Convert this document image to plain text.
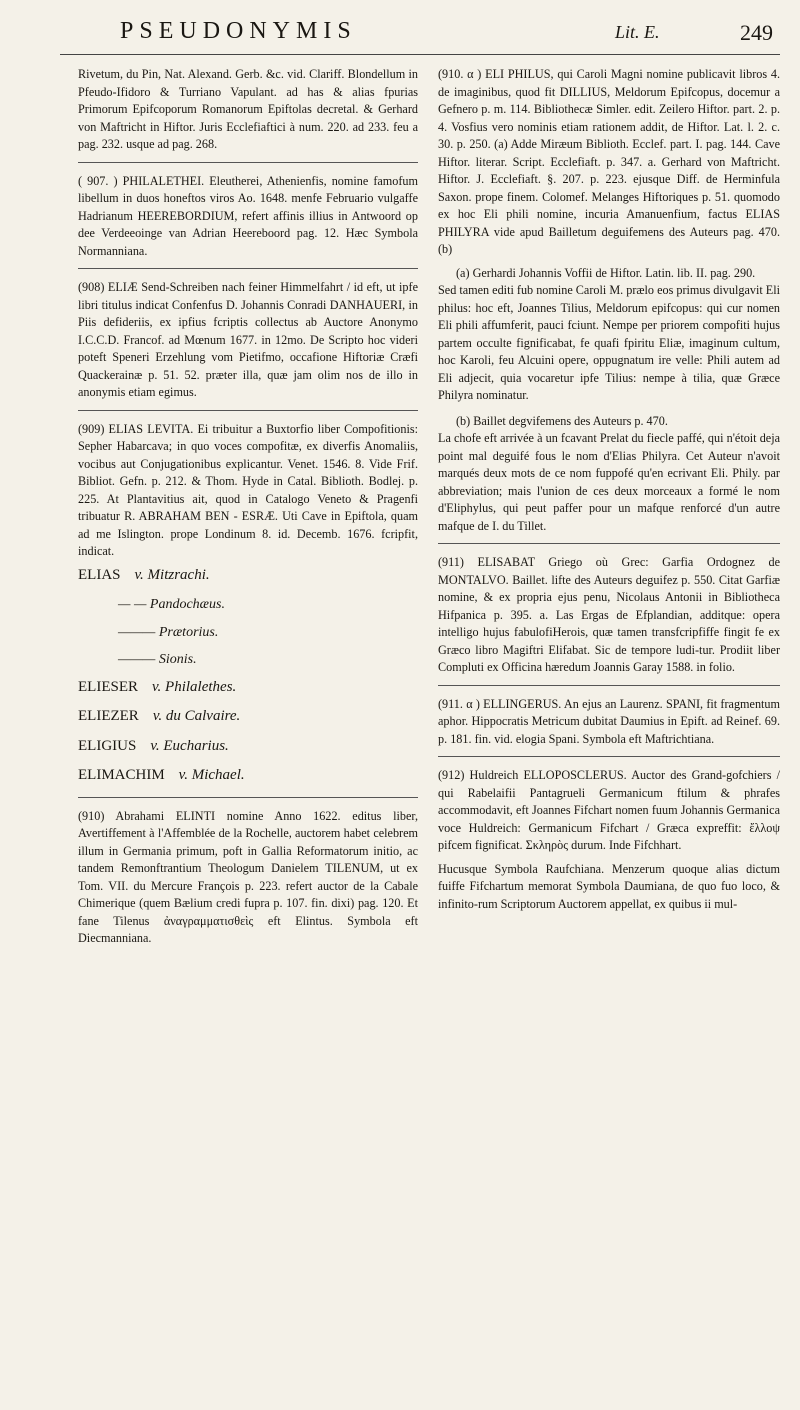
PSEUDONYMIS	Lit. E.	249

Rivetum, du Pin, Nat. Alexand. Gerb. &c. vid. Clariff. Blondellum in Pfeudo-Ifidoro & Turriano Vapulant. ad has & alias fpurias Primorum Epifcoporum Romanorum Epiftolas decretal. & Gerhard von Maftricht in Hiftor. Juris Ecclefiaftici à num. 220. ad 233. feu a pag. 232. usque ad pag. 268.

( 907. ) PHILALETHEI. Eleutherei, Athenienfis, nomine famofum libellum in duos honeftos viros Ao. 1648. menfe Februario vulgaffe Hadrianum HEEREBORDIUM, refert affinis illius in Antwoord op dee Verdeeoinge van Adrian Heereboord pag. 12. Hæc Symbola Normanniana.

(908) ELIÆ Send-Schreiben nach feiner Himmelfahrt / id eft, ut ipfe libri titulus indicat Confenfus D. Johannis Conradi DANHAUERI, in Piis defideriis, ex ipfius fcriptis collectus ab Auctore Anonymo I.C.C.D. Francof. ad Mœnum 1677. in 12mo. De Scripto hoc videri poteft Speneri Erzehlung vom Pietifmo, occafione Hiftoriæ Cræfi Quackerainæ p. 51. 52. præter illa, quæ jam olim nos de illo in anonymis etiam egimus.

(909) ELIAS LEVITA. Ei tribuitur a Buxtorfio liber Compofitionis: Sepher Habarcava; in quo voces compofitæ, ex diverfis Anomaliis, vocibus aut Conjugationibus explicantur. Venet. 1546. 8. Vide Frif. Bibliot. Gefn. p. 212. & Thom. Hyde in Catal. Biblioth. Bodlej. p. 225. At Plantavitius ait, quod in Catalogo Veneto & Pragenfi tribuatur R. ABRAHAM BEN - ESRÆ. Uti Cave in Epiftola, quam ad me Islington. prope Londinum 8. id. Decemb. 1676. fcripfit, indicat.

ELIAS v. Mitzrachi.
— — Pandochæus.
——— Prætorius.
——— Sionis.
ELIESER v. Philalethes.
ELIEZER v. du Calvaire.
ELIGIUS v. Eucharius.
ELIMACHIM v. Michael.

(910) Abrahami ELINTI nomine Anno 1622. editus liber, Avertiffement à l'Affemblée de la Rochelle, auctorem habet celebrem illum in Germania primum, poft in Gallia Reformatorum initio, ac tandem Remonftrantium Theologum Danielem TILENUM, ut ex Tom. VII. du Mercure François p. 223. refert auctor de la Cabale Chimerique (quem Bælium credi fupra p. 107. fin. dixi) pag. 120. Et fane Tilenus ἀναγραμματισθεὶς eft Elintus. Symbola eft Diecmanniana.

(910. α ) ELI PHILUS, qui Caroli Magni nomine publicavit libros 4. de imaginibus, quod fit DILLIUS, Meldorum Epifcopus, docemur a Gefnero p. m. 114. Bibliothecæ Simler. edit. Zeilero Hiftor. part. 2. p. 4. Vosfius vero nominis etiam rationem addit, de Hiftor. Lat. l. 2. c. 30. p. 250. (a) Adde Miræum Biblioth. Ecclef. part. I. pag. 144. Cave Hiftor. literar. Script. Ecclefiaft. p. 347. a. Gerhard von Maftricht. Hiftor. J. Ecclefiaft. §. 207. p. 223. ejusque Diff. de Herminfula Saxon. prope finem. Colomef. Melanges Hiftoriques p. 51. quomodo ex hoc Eli phili nomine, incuria Amanuenfium, factus ELIAS PHILYRA vide apud Bailletum deguifemens des Auteurs pag. 470. (b)

(a) Gerhardi Johannis Voffii de Hiftor. Latin. lib. II. pag. 290.
Sed tamen editi fub nomine Caroli M. prælo eos primus divulgavit Eli philus: hoc eft, Joannes Tilius, Meldorum epifcopus: qui cur nomen Eli phili affumferit, pauci fciunt. Nempe per priorem compofiti hujus partem occulte fignificabat, fe quafi fpiritu Eliæ, imaginum cultum, hoc Karoli, feu Alcuini opere, oppugnatum ire velle: Phili autem ad Eli adjecit, quia vocaretur ipfe Tilius: nempe à tilia, quæ Græce Philyra nominatur.
(b) Baillet degvifemens des Auteurs p. 470.
La chofe eft arrivée à un fcavant Prelat du fiecle paffé, qui n'étoit deja point mal deguifé fous le nom d'Elias Philyra. Cet Auteur n'avoit marqués deux mots de ce nom fuppofé qu'en ecrivant Eli. Phily. par abbreviation; mais l'union de ces deux morceaux a formé le nom d'Eliphylus, qui peut paffer pour un mafque renforcé d'un autre mafque de I. du Tillet.

(911) ELISABAT Griego où Grec: Garfia Ordognez de MONTALVO. Baillet. lifte des Auteurs deguifez p. 550. Citat Garfiæ nomine, & ex propria ejus penu, Nicolaus Antonii in Bibliotheca Hifpanica p. 395. a. Las Ergas de Efplandian, additque: opera intelligo hujus fabulofiHerois, quæ tamen transfcripfiffe fingit fe ex Græco libro Magiftri Elifabat. Sic de tempore ludi-tur. Prodiit liber Compluti ex Officina hæredum Joannis Garay 1588. in folio.

(911. α ) ELLINGERUS. An ejus an Laurenz. SPANI, fit fragmentum aphor. Hippocratis Metricum dubitat Daumius in Epift. ad Reinef. 69. p. 181. fin. vid. elogia Spani. Symbola eft Maftrichtiana.

(912) Huldreich ELLOPOSCLERUS. Auctor des Grand-gofchiers / qui Rabelaifii Pantagrueli Germanicum ftilum & phrafes accommodavit, eft Joannes Fifchart nomen fuum Johannis Germanica voce Huldreich: Germanicum Fifchart / Græca expreffit: ἔλλοψ pifcem fignificat. Σκληρὸς durum. Inde Fifchhart.

Hucusque Symbola Raufchiana. Menzerum quoque alias dictum fuiffe Fifchartum memorat Symbola Daumiana, de quo fuo loco, & infinito-rum Scriptorum Auctorem appellat, ex quibus ii mul-
